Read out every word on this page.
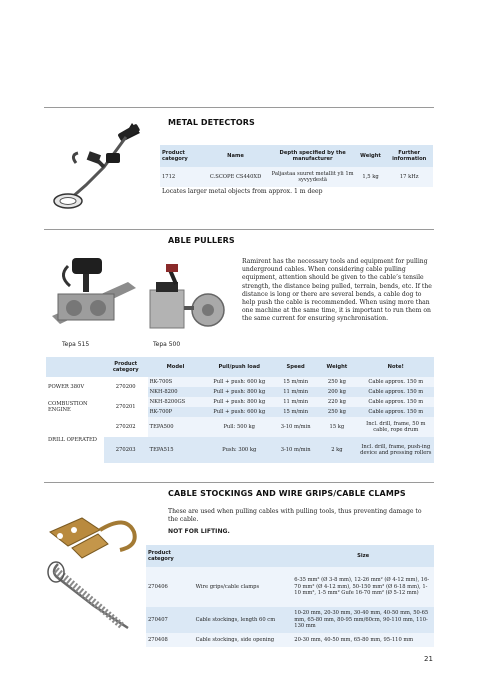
METAL DETECTORS
Product category	Name	Depth specified by the manufacturer	Weight	Further information
1712	C.SCOPE CS440XD	Paljastaa suuret metallit yli 1m syvyydestä	1,5 kg	17 kHz
Locates larger metal objects from approx. 1 m deep
ABLE PULLERS
Tepa 515	Tepa 500
Ramirent has the necessary tools and equipment for pulling underground cables. When considering cable pulling equipment, attention should be given to the cable’s tensile strength, the distance being pulled, terrain, bends, etc. If the distance is long or there are several bends, a cable dog to help push the cable is recommended. When using more than one machine at the same time, it is important to run them on the same current for ensuring synchronisation.
	Product category	Model	Pull/push load	Speed	Weight	Note!
POWER 380V	270200	RK-700S	Pull + push: 600 kg	15 m/min	250 kg	Cable approx. 150 m
		NKH-8200	Pull + push: 800 kg	11 m/min	200 kg	Cable approx. 150 m
COMBUSTION ENGINE	270201	NKH-8200GS	Pull + push: 800 kg	11 m/min	220 kg	Cable approx. 150 m
		RK-700P	Pull + push: 600 kg	15 m/min	250 kg	Cable approx. 150 m
DRILL OPERATED	270202	TEPA500	Pull: 500 kg	3-10 m/min	15 kg	Incl. drill, frame, 50 m cable, rope drum
	270203	TEPA515	Push: 300 kg	3-10 m/min	2 kg	Incl. drill, frame, push-ing device and pressing rollers
CABLE STOCKINGS AND WIRE GRIPS/CABLE CLAMPS
These are used when pulling cables with pulling tools, thus preventing damage to the cable.
NOT FOR LIFTING.
Product category		Size
270406	Wire grips/cable clamps	6-35 mm² (Ø 3-8 mm), 12-26 mm² (Ø 4-12 mm), 16-70 mm² (Ø 4-12 mm), 50-150 mm² (Ø 6-18 mm), 1-10 mm², 1-5 mm² Gufe 16-70 mm² (Ø 5-12 mm)
270407	Cable stockings, length 60 cm	10-20 mm, 20-30 mm, 30-40 mm, 40-50 mm, 50-65 mm, 65-80 mm, 80-95 mm/60cm, 90-110 mm, 110-130 mm
270408	Cable stockings, side opening	20-30 mm, 40-50 mm, 65-80 mm, 95-110 mm
21
